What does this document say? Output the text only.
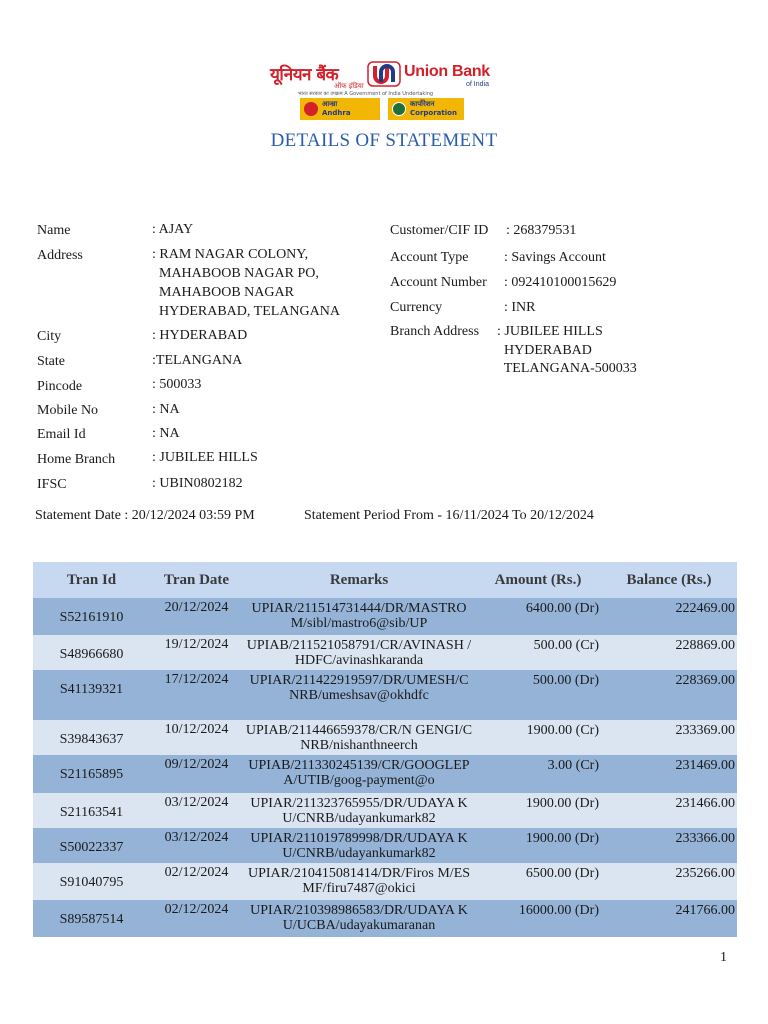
यूनियन बैंक
ऑफ इंडिया
Union Bank
of India
भारत सरकार का उपक्रम A Government of India Undertaking
आन्ध्रा
Andhra
कार्पोरेशन
Corporation
DETAILS OF STATEMENT
Name	: AJAY
Address	: RAM NAGAR COLONY,
MAHABOOB NAGAR PO,
MAHABOOB NAGAR
HYDERABAD, TELANGANA
City	: HYDERABAD
State	:TELANGANA
Pincode	: 500033
Mobile No	: NA
Email Id	: NA
Home Branch	: JUBILEE HILLS
IFSC	: UBIN0802182
Customer/CIF ID : 268379531
Account Type	: Savings Account
Account Number : 092410100015629
Currency	: INR
Branch Address : JUBILEE HILLS
HYDERABAD
TELANGANA-500033
Statement Date : 20/12/2024 03:59 PM	Statement Period From - 16/11/2024 To 20/12/2024
Tran Id	Tran Date	Remarks	Amount (Rs.)	Balance (Rs.)
S52161910	20/12/2024	UPIAR/211514731444/DR/MASTRO M/sibl/mastro6@sib/UP	6400.00 (Dr)	222469.00
S48966680	19/12/2024	UPIAB/211521058791/CR/AVINASH /HDFC/avinashkaranda	500.00 (Cr)	228869.00
S41139321	17/12/2024	UPIAR/211422919597/DR/UMESH/CNRB/umeshsav@okhdfc	500.00 (Dr)	228369.00
S39843637	10/12/2024	UPIAB/211446659378/CR/N GENGI/CNRB/nishanthneerch	1900.00 (Cr)	233369.00
S21165895	09/12/2024	UPIAB/211330245139/CR/GOOGLEPA/UTIB/goog-payment@o	3.00 (Cr)	231469.00
S21163541	03/12/2024	UPIAR/211323765955/DR/UDAYA KU/CNRB/udayankumark82	1900.00 (Dr)	231466.00
S50022337	03/12/2024	UPIAR/211019789998/DR/UDAYA KU/CNRB/udayankumark82	1900.00 (Dr)	233366.00
S91040795	02/12/2024	UPIAR/210415081414/DR/Firos M/ESMF/firu7487@okici	6500.00 (Dr)	235266.00
S89587514	02/12/2024	UPIAR/210398986583/DR/UDAYA KU/UCBA/udayakumaranan	16000.00 (Dr)	241766.00
1
